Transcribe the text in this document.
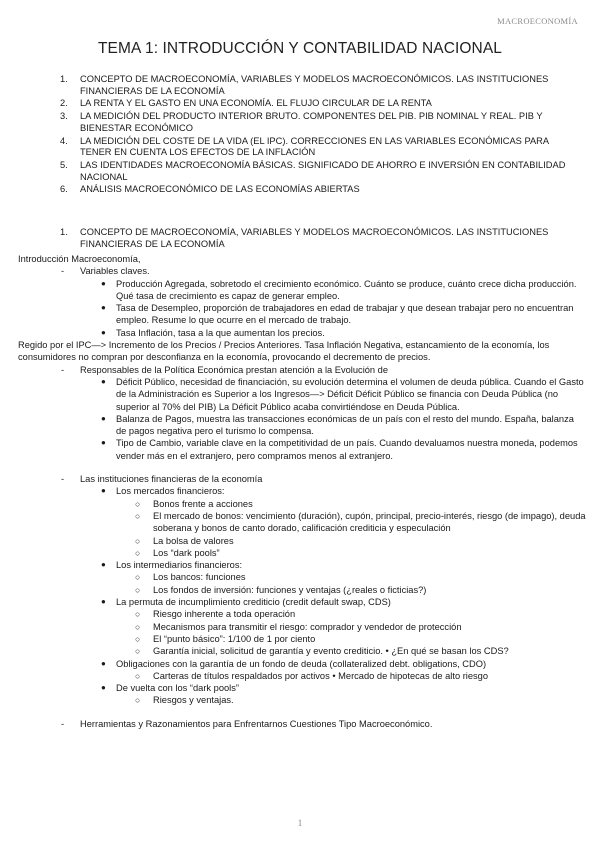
MACROECONOMÍA
TEMA 1: INTRODUCCIÓN Y CONTABILIDAD NACIONAL
1. CONCEPTO DE MACROECONOMÍA, VARIABLES Y MODELOS MACROECONÓMICOS. LAS INSTITUCIONES FINANCIERAS DE LA ECONOMÍA
2. LA RENTA Y EL GASTO EN UNA ECONOMÍA. EL FLUJO CIRCULAR DE LA RENTA
3. LA MEDICIÓN DEL PRODUCTO INTERIOR BRUTO. COMPONENTES DEL PIB. PIB NOMINAL Y REAL. PIB Y BIENESTAR ECONÓMICO
4. LA MEDICIÓN DEL COSTE DE LA VIDA (EL IPC). CORRECCIONES EN LAS VARIABLES ECONÓMICAS PARA TENER EN CUENTA LOS EFECTOS DE LA INFLACIÓN
5. LAS IDENTIDADES MACROECONOMÍA BÁSICAS. SIGNIFICADO DE AHORRO E INVERSIÓN EN CONTABILIDAD NACIONAL
6. ANÁLISIS MACROECONÓMICO DE LAS ECONOMÍAS ABIERTAS
1. CONCEPTO DE MACROECONOMÍA, VARIABLES Y MODELOS MACROECONÓMICOS. LAS INSTITUCIONES FINANCIERAS DE LA ECONOMÍA

Introducción Macroeconomía,

- Variables claves.

● Producción Agregada, sobretodo el crecimiento económico. Cuánto se produce, cuánto crece dicha producción. Qué tasa de crecimiento es capaz de generar empleo.

● Tasa de Desempleo, proporción de trabajadores en edad de trabajar y que desean trabajar pero no encuentran empleo. Resume lo que ocurre en el mercado de trabajo.

● Tasa Inflación, tasa a la que aumentan los precios.

Regido por el IPC—> Incremento de los Precios / Precios Anteriores. Tasa Inflación Negativa, estancamiento de la economía, los consumidores no compran por desconfianza en la economía, provocando el decremento de precios.

- Responsables de la Política Económica prestan atención a la Evolución de

● Déficit Público, necesidad de financiación, su evolución determina el volumen de deuda pública. Cuando el Gasto de la Administración es Superior a los Ingresos—> Déficit Déficit Público se financia con Deuda Pública (no superior al 70% del PIB) La Déficit Público acaba convirtiéndose en Deuda Pública.

● Balanza de Pagos, muestra las transacciones económicas de un país con el resto del mundo. España, balanza de pagos negativa pero el turismo lo compensa.

● Tipo de Cambio, variable clave en la competitividad de un país. Cuando devaluamos nuestra moneda, podemos vender más en el extranjero, pero compramos menos al extranjero.

- Las instituciones financieras de la economía

● Los mercados financieros:

○ Bonos frente a acciones

○ El mercado de bonos: vencimiento (duración), cupón, principal, precio-interés, riesgo (de impago), deuda soberana y bonos de canto dorado, calificación crediticia y especulación

○ La bolsa de valores

○ Los “dark pools”

● Los intermediarios financieros:

○ Los bancos: funciones

○ Los fondos de inversión: funciones y ventajas (¿reales o ficticias?)

● La permuta de incumplimiento crediticio (credit default swap, CDS)

○ Riesgo inherente a toda operación

○ Mecanismos para transmitir el riesgo: comprador y vendedor de protección

○ El “punto básico”: 1/100 de 1 por ciento

○ Garantía inicial, solicitud de garantía y evento crediticio. • ¿En qué se basan los CDS?

● Obligaciones con la garantía de un fondo de deuda (collateralized debt. obligations, CDO)

○ Carteras de títulos respaldados por activos • Mercado de hipotecas de alto riesgo

● De vuelta con los “dark pools”

○ Riesgos y ventajas.

- Herramientas y Razonamientos para Enfrentarnos Cuestiones Tipo Macroeconómico.

1
